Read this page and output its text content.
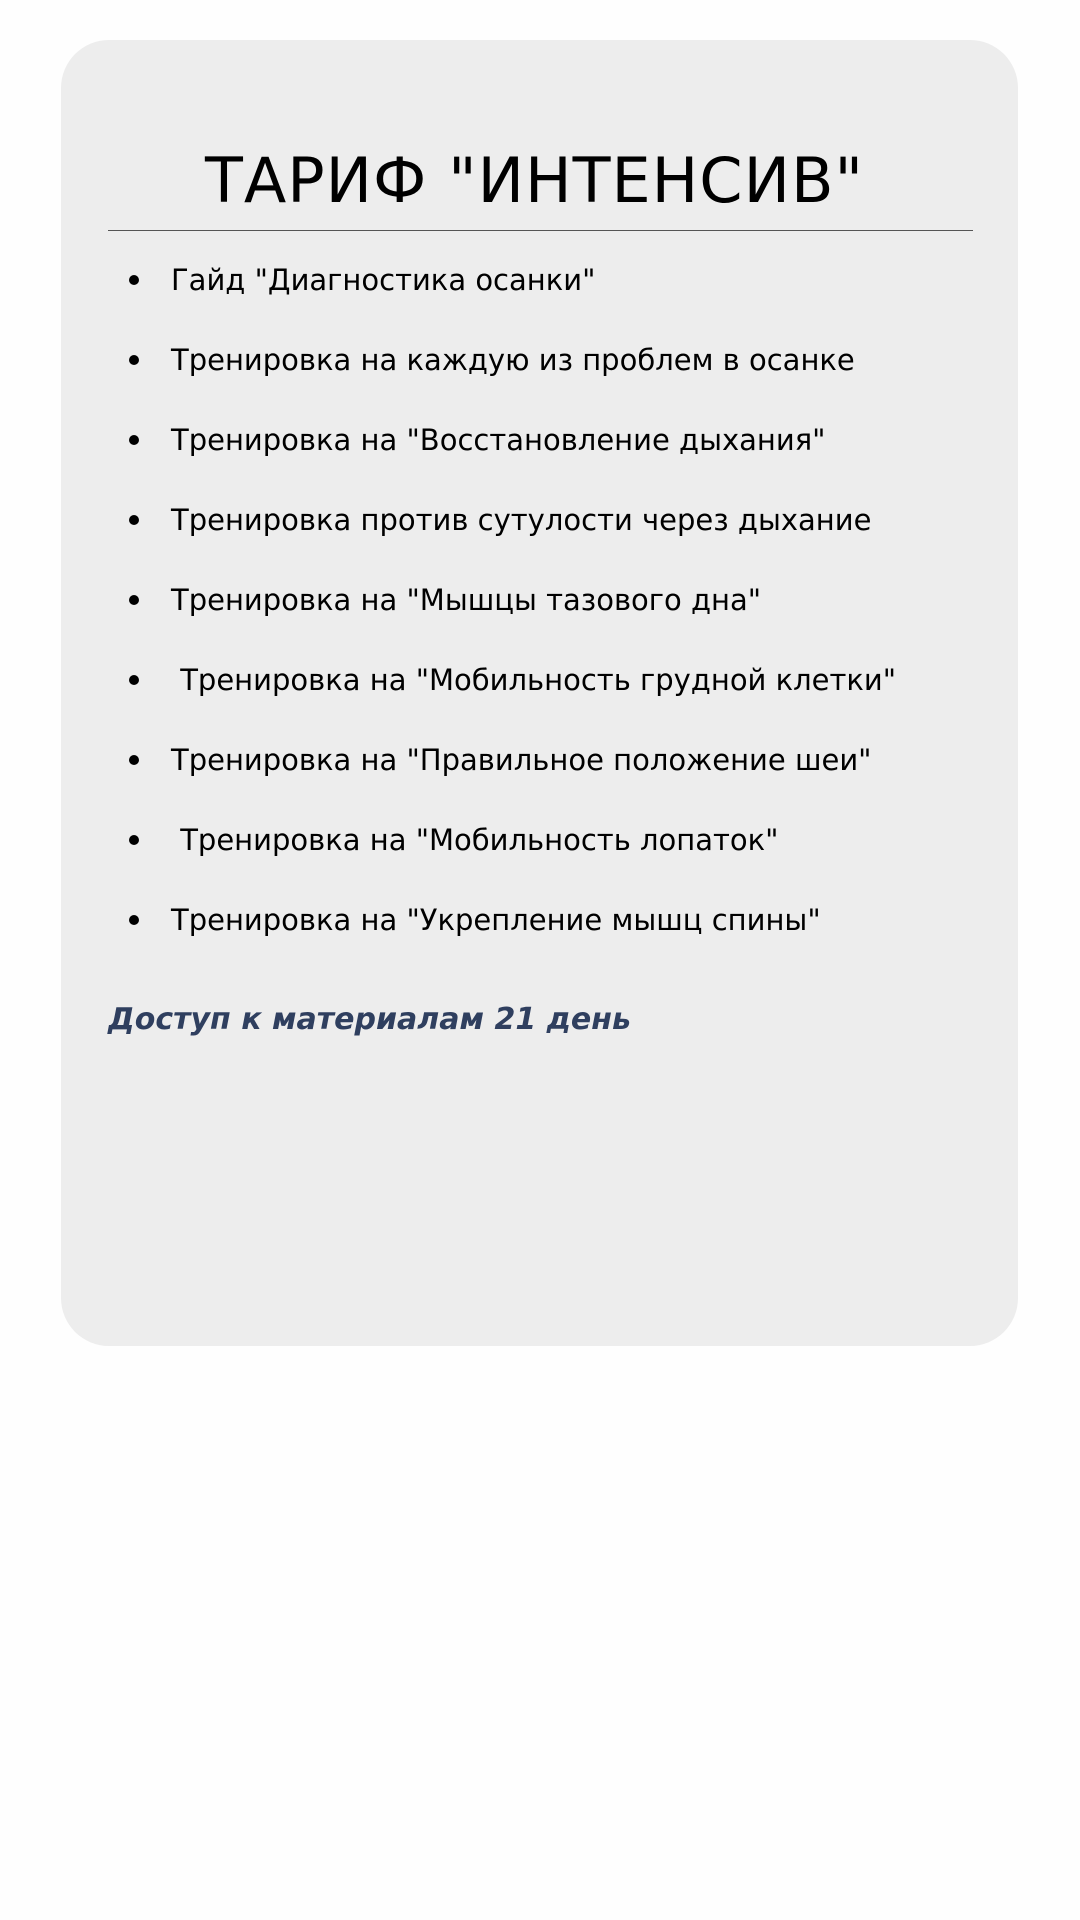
ТАРИФ "ИНТЕНСИВ"
Гайд "Диагностика осанки"
Тренировка на каждую из проблем в осанке
Тренировка на "Восстановление дыхания"
Тренировка против сутулости через дыхание
Тренировка на "Мышцы тазового дна"
Тренировка на "Мобильность грудной клетки"
Тренировка на "Правильное положение шеи"
Тренировка на "Мобильность лопаток"
Тренировка на "Укрепление мышц спины"

Доступ к материалам 21 день
